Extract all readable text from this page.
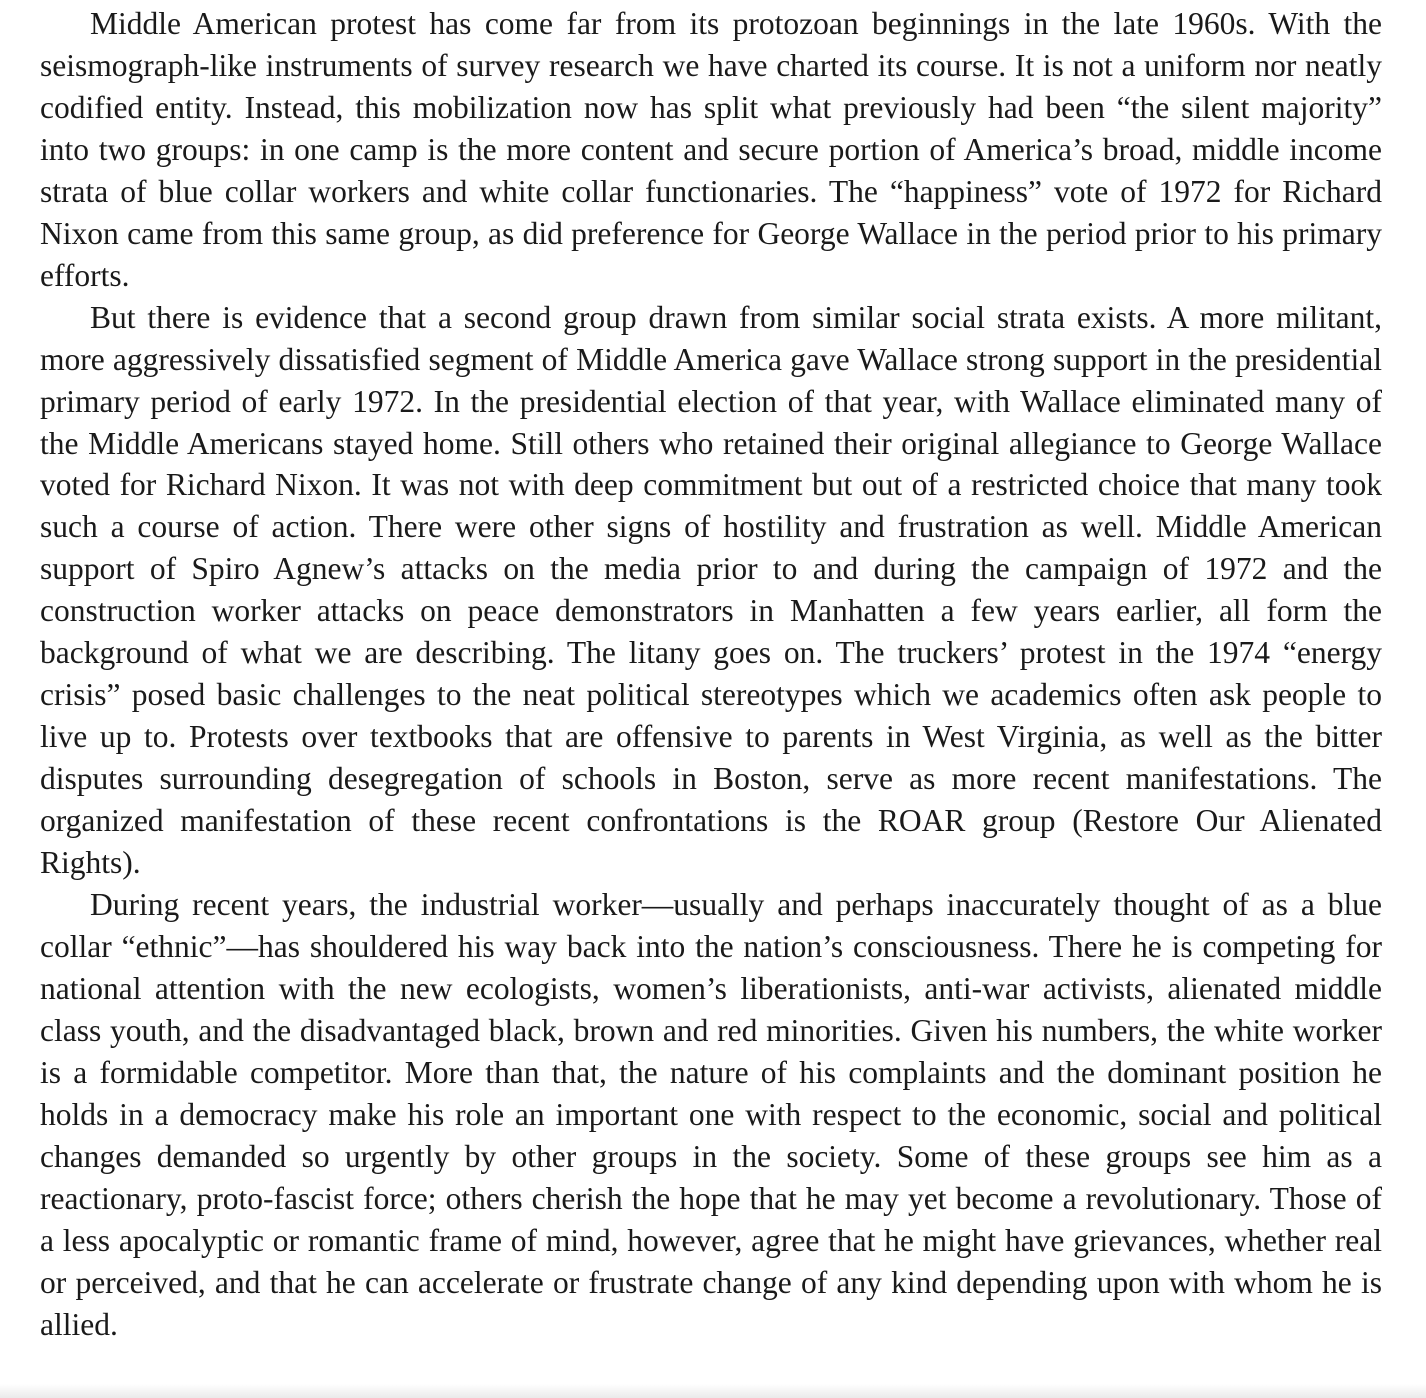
Middle American protest has come far from its protozoan beginnings in the late 1960s. With the seismograph-like instruments of survey research we have charted its course. It is not a uniform nor neatly codified entity. Instead, this mobilization now has split what previously had been “the silent majority” into two groups: in one camp is the more content and secure portion of America’s broad, middle income strata of blue collar workers and white collar functionaries. The “happiness” vote of 1972 for Richard Nixon came from this same group, as did preference for George Wallace in the period prior to his primary efforts.

But there is evidence that a second group drawn from similar social strata exists. A more militant, more aggressively dissatisfied segment of Middle America gave Wallace strong support in the presidential primary period of early 1972. In the presidential election of that year, with Wallace eliminated many of the Middle Americans stayed home. Still others who retained their original allegiance to George Wallace voted for Richard Nixon. It was not with deep commitment but out of a restricted choice that many took such a course of action. There were other signs of hostility and frustration as well. Middle American support of Spiro Agnew’s attacks on the media prior to and during the campaign of 1972 and the construction worker attacks on peace demonstrators in Manhatten a few years earlier, all form the background of what we are describing. The litany goes on. The truckers’ protest in the 1974 “energy crisis” posed basic challenges to the neat political stereotypes which we academics often ask people to live up to. Protests over textbooks that are offensive to parents in West Virginia, as well as the bitter disputes surrounding desegregation of schools in Boston, serve as more recent manifestations. The organized manifestation of these recent confrontations is the ROAR group (Restore Our Alienated Rights).

During recent years, the industrial worker—usually and perhaps inaccurately thought of as a blue collar “ethnic”—has shouldered his way back into the nation’s consciousness. There he is competing for national attention with the new ecologists, women’s liberationists, anti-war activists, alienated middle class youth, and the disadvantaged black, brown and red minorities. Given his numbers, the white worker is a formidable competitor. More than that, the nature of his complaints and the dominant position he holds in a democracy make his role an important one with respect to the economic, social and political changes demanded so urgently by other groups in the society. Some of these groups see him as a reactionary, proto-fascist force; others cherish the hope that he may yet become a revolutionary. Those of a less apocalyptic or romantic frame of mind, however, agree that he might have grievances, whether real or perceived, and that he can accelerate or frustrate change of any kind depending upon with whom he is allied.
